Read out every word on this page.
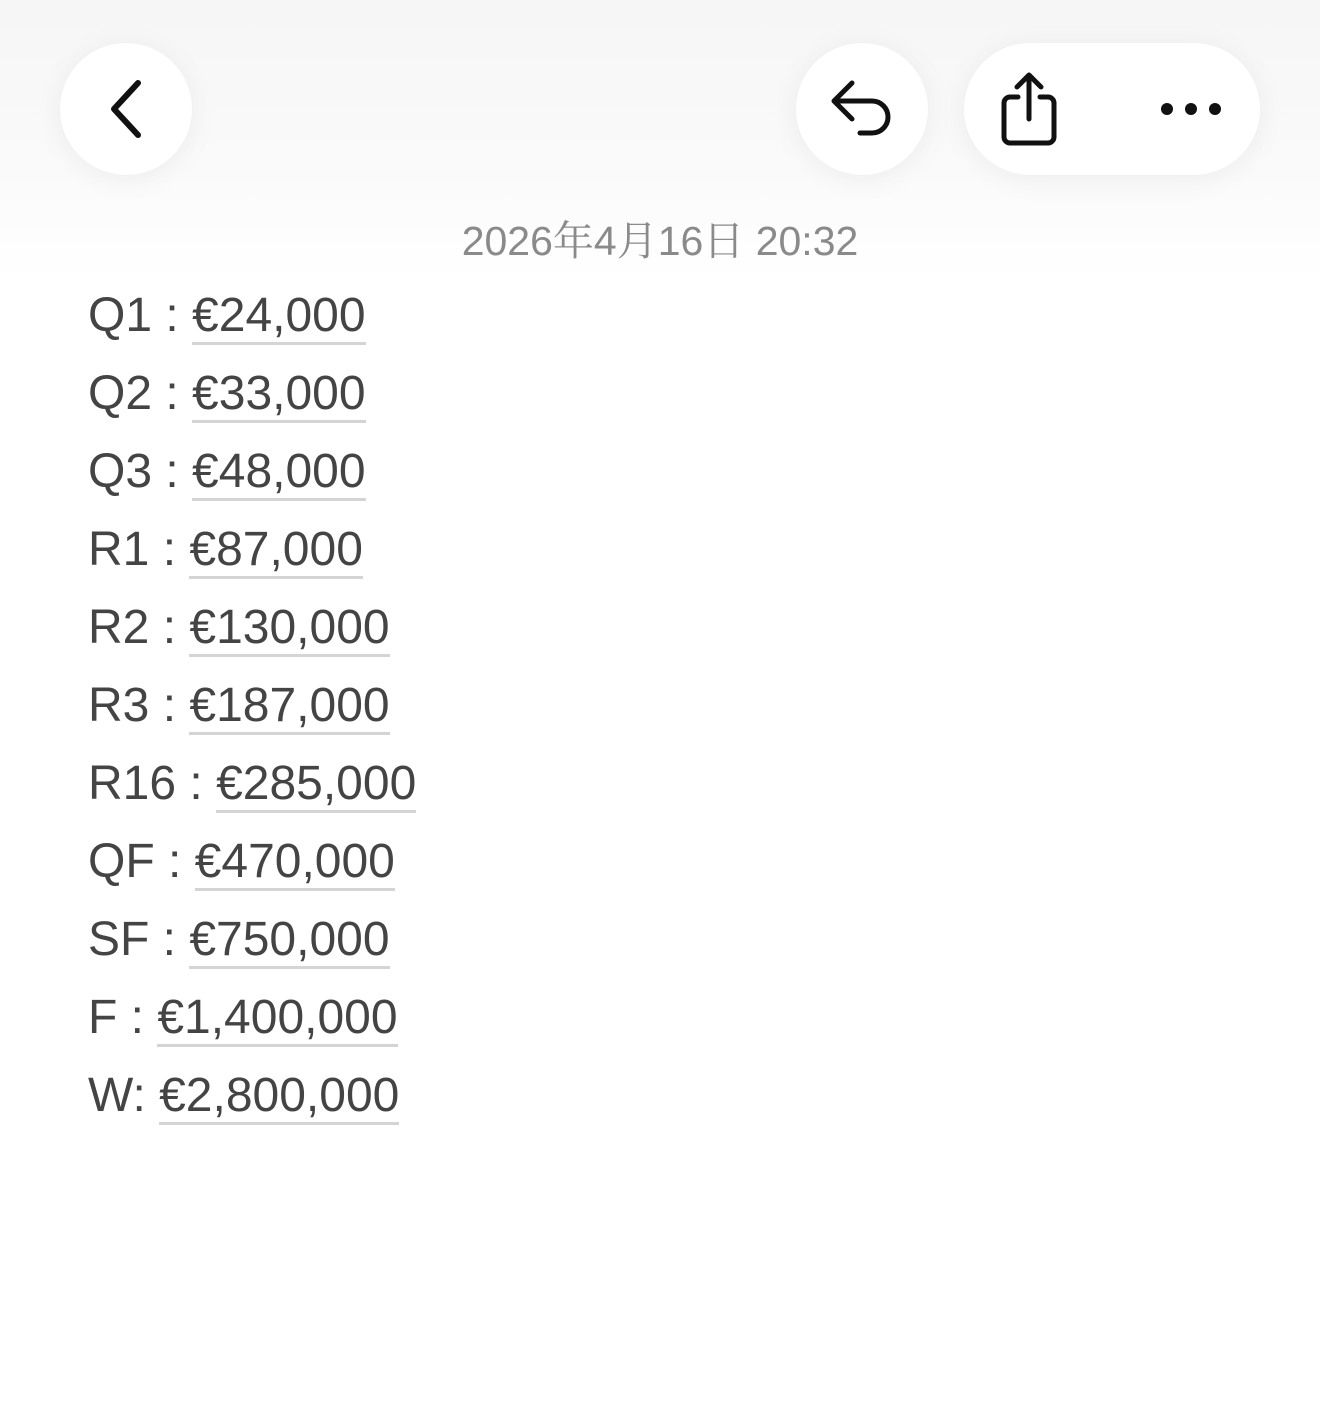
2026年4月16日 20:32
Q1 : €24,000
Q2 : €33,000
Q3 : €48,000
R1 : €87,000
R2 : €130,000
R3 : €187,000
R16 : €285,000
QF : €470,000
SF : €750,000
F : €1,400,000
W: €2,800,000
